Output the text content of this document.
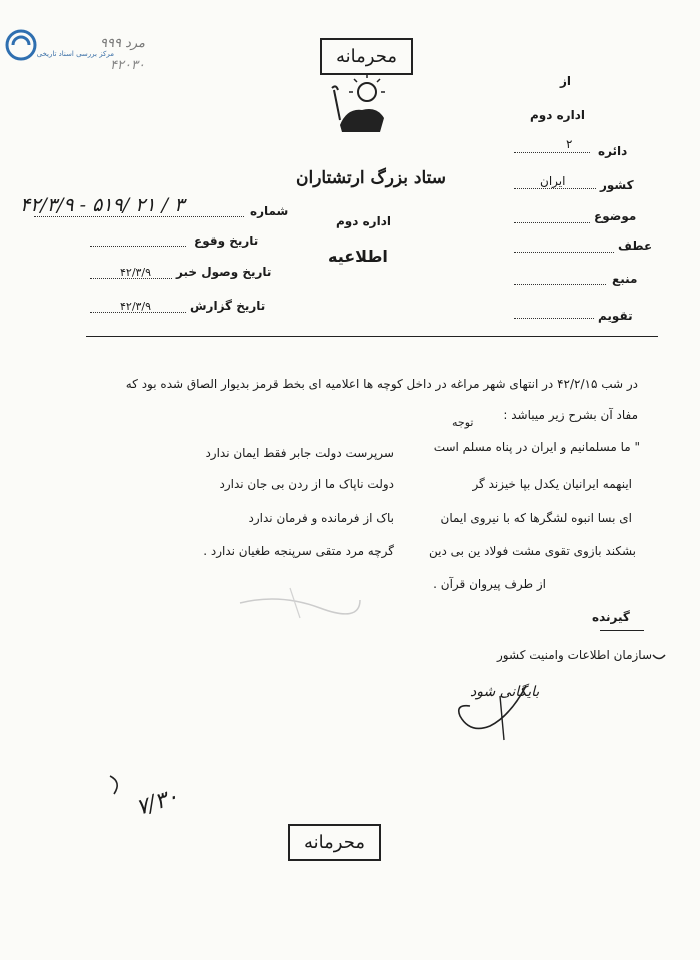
مرکز بررسی اسناد تاریخی
مرد ۹۹۹
۴۲۰۳۰	محرمانه
ستاد بزرگ ارتشتاران
اداره دوم
اطلاعیه
از
اداره دوم
۲ دائره
ایران	کشور
موضوع
عطف
منبع
تقویم
۴۲/۳/۹ - ۵۱۹/ ۲۱ / ۳	شماره
تاریخ وقوع
۴۲/۳/۹ تاریخ وصول خبر
۴۲/۳/۹	تاریخ گزارش
در شب ۴۲/۲/۱۵ در انتهای شهر مراغه در داخل کوچه ها اعلامیه ای بخط قرمز بدیوار الصاق شده بود که
مفاد آن بشرح زیر میباشد :
توجه
" ما مسلمانیم و ایران در پناه مسلم است
سرپرست دولت جابر فقط ایمان ندارد
اینهمه ایرانیان یکدل بپا خیزند گر
دولت ناپاک ما از ردن بی جان ندارد
ای بسا انبوه لشگرها که با نیروی ایمان
باک از فرمانده و فرمان ندارد
بشکند بازوی تقوی مشت فولاد ین بی دین
گرچه مرد متقی سرپنجه طغیان ندارد .
از طرف پیروان قرآن .
گیرنده
سازمان اطلاعات وامنیت کشور
بایگانی شود
۷/۳۰
محرمانه
